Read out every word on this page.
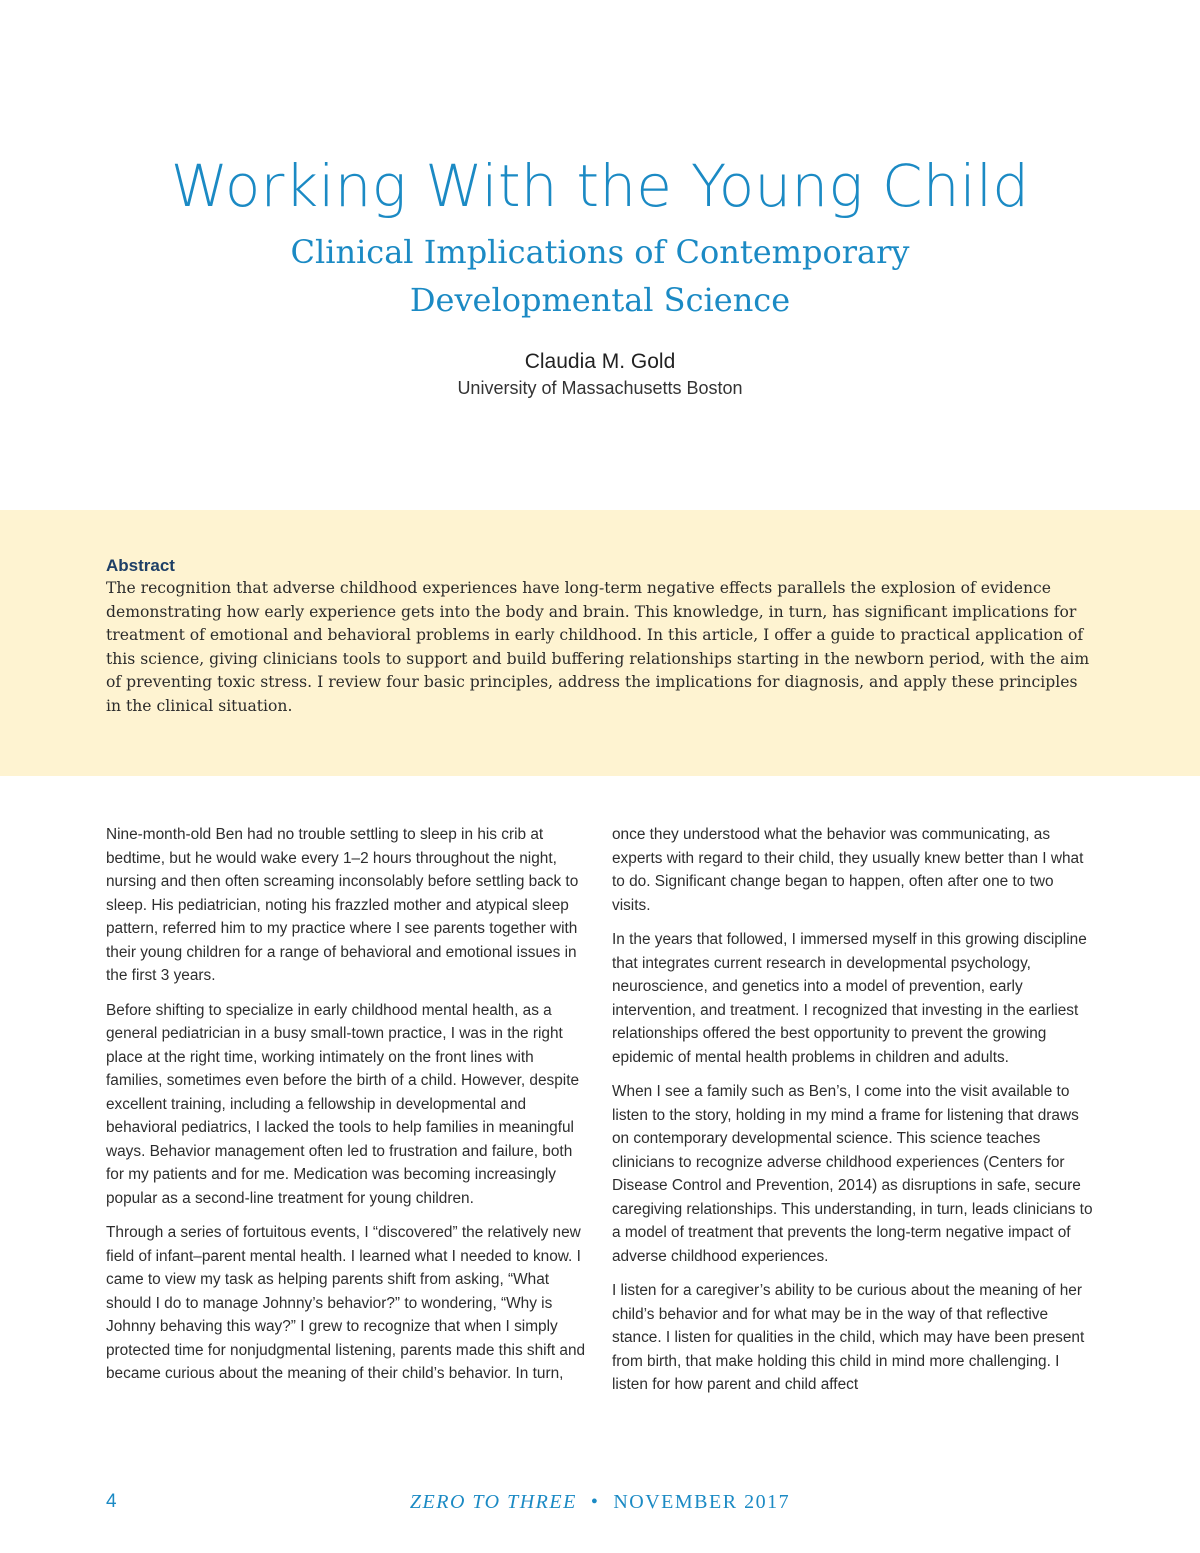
Working With the Young Child
Clinical Implications of Contemporary
Developmental Science
Claudia M. Gold
University of Massachusetts Boston
Abstract

The recognition that adverse childhood experiences have long-term negative effects parallels the explosion of evidence demonstrating how early experience gets into the body and brain. This knowledge, in turn, has significant implications for treatment of emotional and behavioral problems in early childhood. In this article, I offer a guide to practical application of this science, giving clinicians tools to support and build buffering relationships starting in the newborn period, with the aim of preventing toxic stress. I review four basic principles, address the implications for diagnosis, and apply these principles in the clinical situation.

Nine-month-old Ben had no trouble settling to sleep in his crib at bedtime, but he would wake every 1–2 hours throughout the night, nursing and then often screaming inconsolably before settling back to sleep. His pediatrician, noting his frazzled mother and atypical sleep pattern, referred him to my practice where I see parents together with their young children for a range of behavioral and emotional issues in the first 3 years.

Before shifting to specialize in early childhood mental health, as a general pediatrician in a busy small-town practice, I was in the right place at the right time, working intimately on the front lines with families, sometimes even before the birth of a child. However, despite excellent training, including a fellowship in developmental and behavioral pediatrics, I lacked the tools to help families in meaningful ways. Behavior management often led to frustration and failure, both for my patients and for me. Medication was becoming increasingly popular as a second-line treatment for young children.

Through a series of fortuitous events, I “discovered” the relatively new field of infant–parent mental health. I learned what I needed to know. I came to view my task as helping parents shift from asking, “What should I do to manage Johnny’s behavior?” to wondering, “Why is Johnny behaving this way?” I grew to recognize that when I simply protected time for nonjudgmental listening, parents made this shift and became curious about the meaning of their child’s behavior. In turn,

once they understood what the behavior was communicating, as experts with regard to their child, they usually knew better than I what to do. Significant change began to happen, often after one to two visits.

In the years that followed, I immersed myself in this growing discipline that integrates current research in developmental psychology, neuroscience, and genetics into a model of prevention, early intervention, and treatment. I recognized that investing in the earliest relationships offered the best opportunity to prevent the growing epidemic of mental health problems in children and adults.

When I see a family such as Ben’s, I come into the visit available to listen to the story, holding in my mind a frame for listening that draws on contemporary developmental science. This science teaches clinicians to recognize adverse childhood experiences (Centers for Disease Control and Prevention, 2014) as disruptions in safe, secure caregiving relationships. This understanding, in turn, leads clinicians to a model of treatment that prevents the long-term negative impact of adverse childhood experiences.

I listen for a caregiver’s ability to be curious about the meaning of her child’s behavior and for what may be in the way of that reflective stance. I listen for qualities in the child, which may have been present from birth, that make holding this child in mind more challenging. I listen for how parent and child affect

4	ZERO TO THREE • NOVEMBER 2017
